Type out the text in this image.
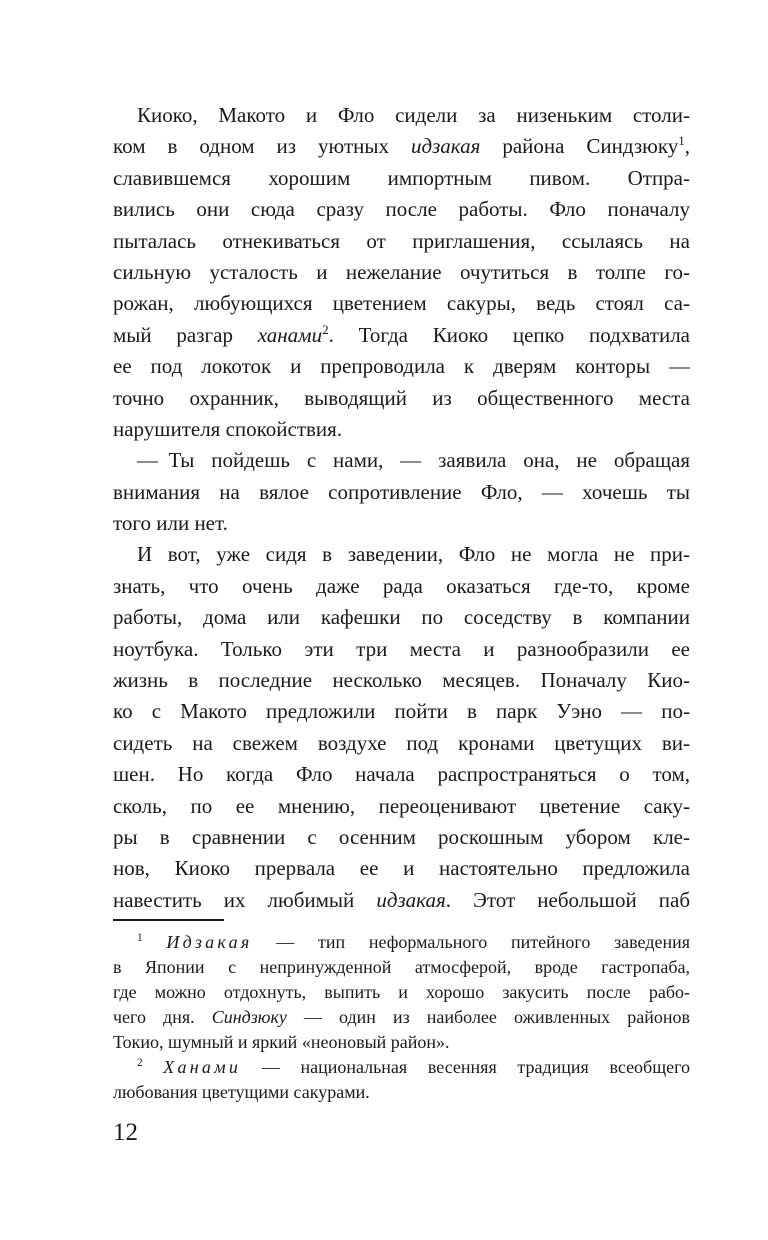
Киоко, Макото и Фло сидели за низеньким столи-
ком в одном из уютных идзакая района Синдзюку$^1$,
славившемся хорошим импортным пивом. Отпра-
вились они сюда сразу после работы. Фло поначалу
пыталась отнекиваться от приглашения, ссылаясь на
сильную усталость и нежелание очутиться в толпе го-
рожан, любующихся цветением сакуры, ведь стоял са-
мый разгар ханами$^2$. Тогда Киоко цепко подхватила
ее под локоток и препроводила к дверям конторы —
точно охранник, выводящий из общественного места
нарушителя спокойствия.
— Ты пойдешь с нами, — заявила она, не обращая
внимания на вялое сопротивление Фло, — хочешь ты
того или нет.
И вот, уже сидя в заведении, Фло не могла не при-
знать, что очень даже рада оказаться где-то, кроме
работы, дома или кафешки по соседству в компании
ноутбука. Только эти три места и разнообразили ее
жизнь в последние несколько месяцев. Поначалу Кио-
ко с Макото предложили пойти в парк Уэно — по-
сидеть на свежем воздухе под кронами цветущих ви-
шен. Но когда Фло начала распространяться о том,
сколь, по ее мнению, переоценивают цветение саку-
ры в сравнении с осенним роскошным убором кле-
нов, Киоко прервала ее и настоятельно предложила
навестить их любимый идзакая. Этот небольшой паб
$^1$ Идзакая — тип неформального питейного заведения
в Японии с непринужденной атмосферой, вроде гастропаба,
где можно отдохнуть, выпить и хорошо закусить после рабо-
чего дня. Синдзюку — один из наиболее оживленных районов
Токио, шумный и яркий «неоновый район».
$^2$ Ханами — национальная весенняя традиция всеобщего
любования цветущими сакурами.
12
